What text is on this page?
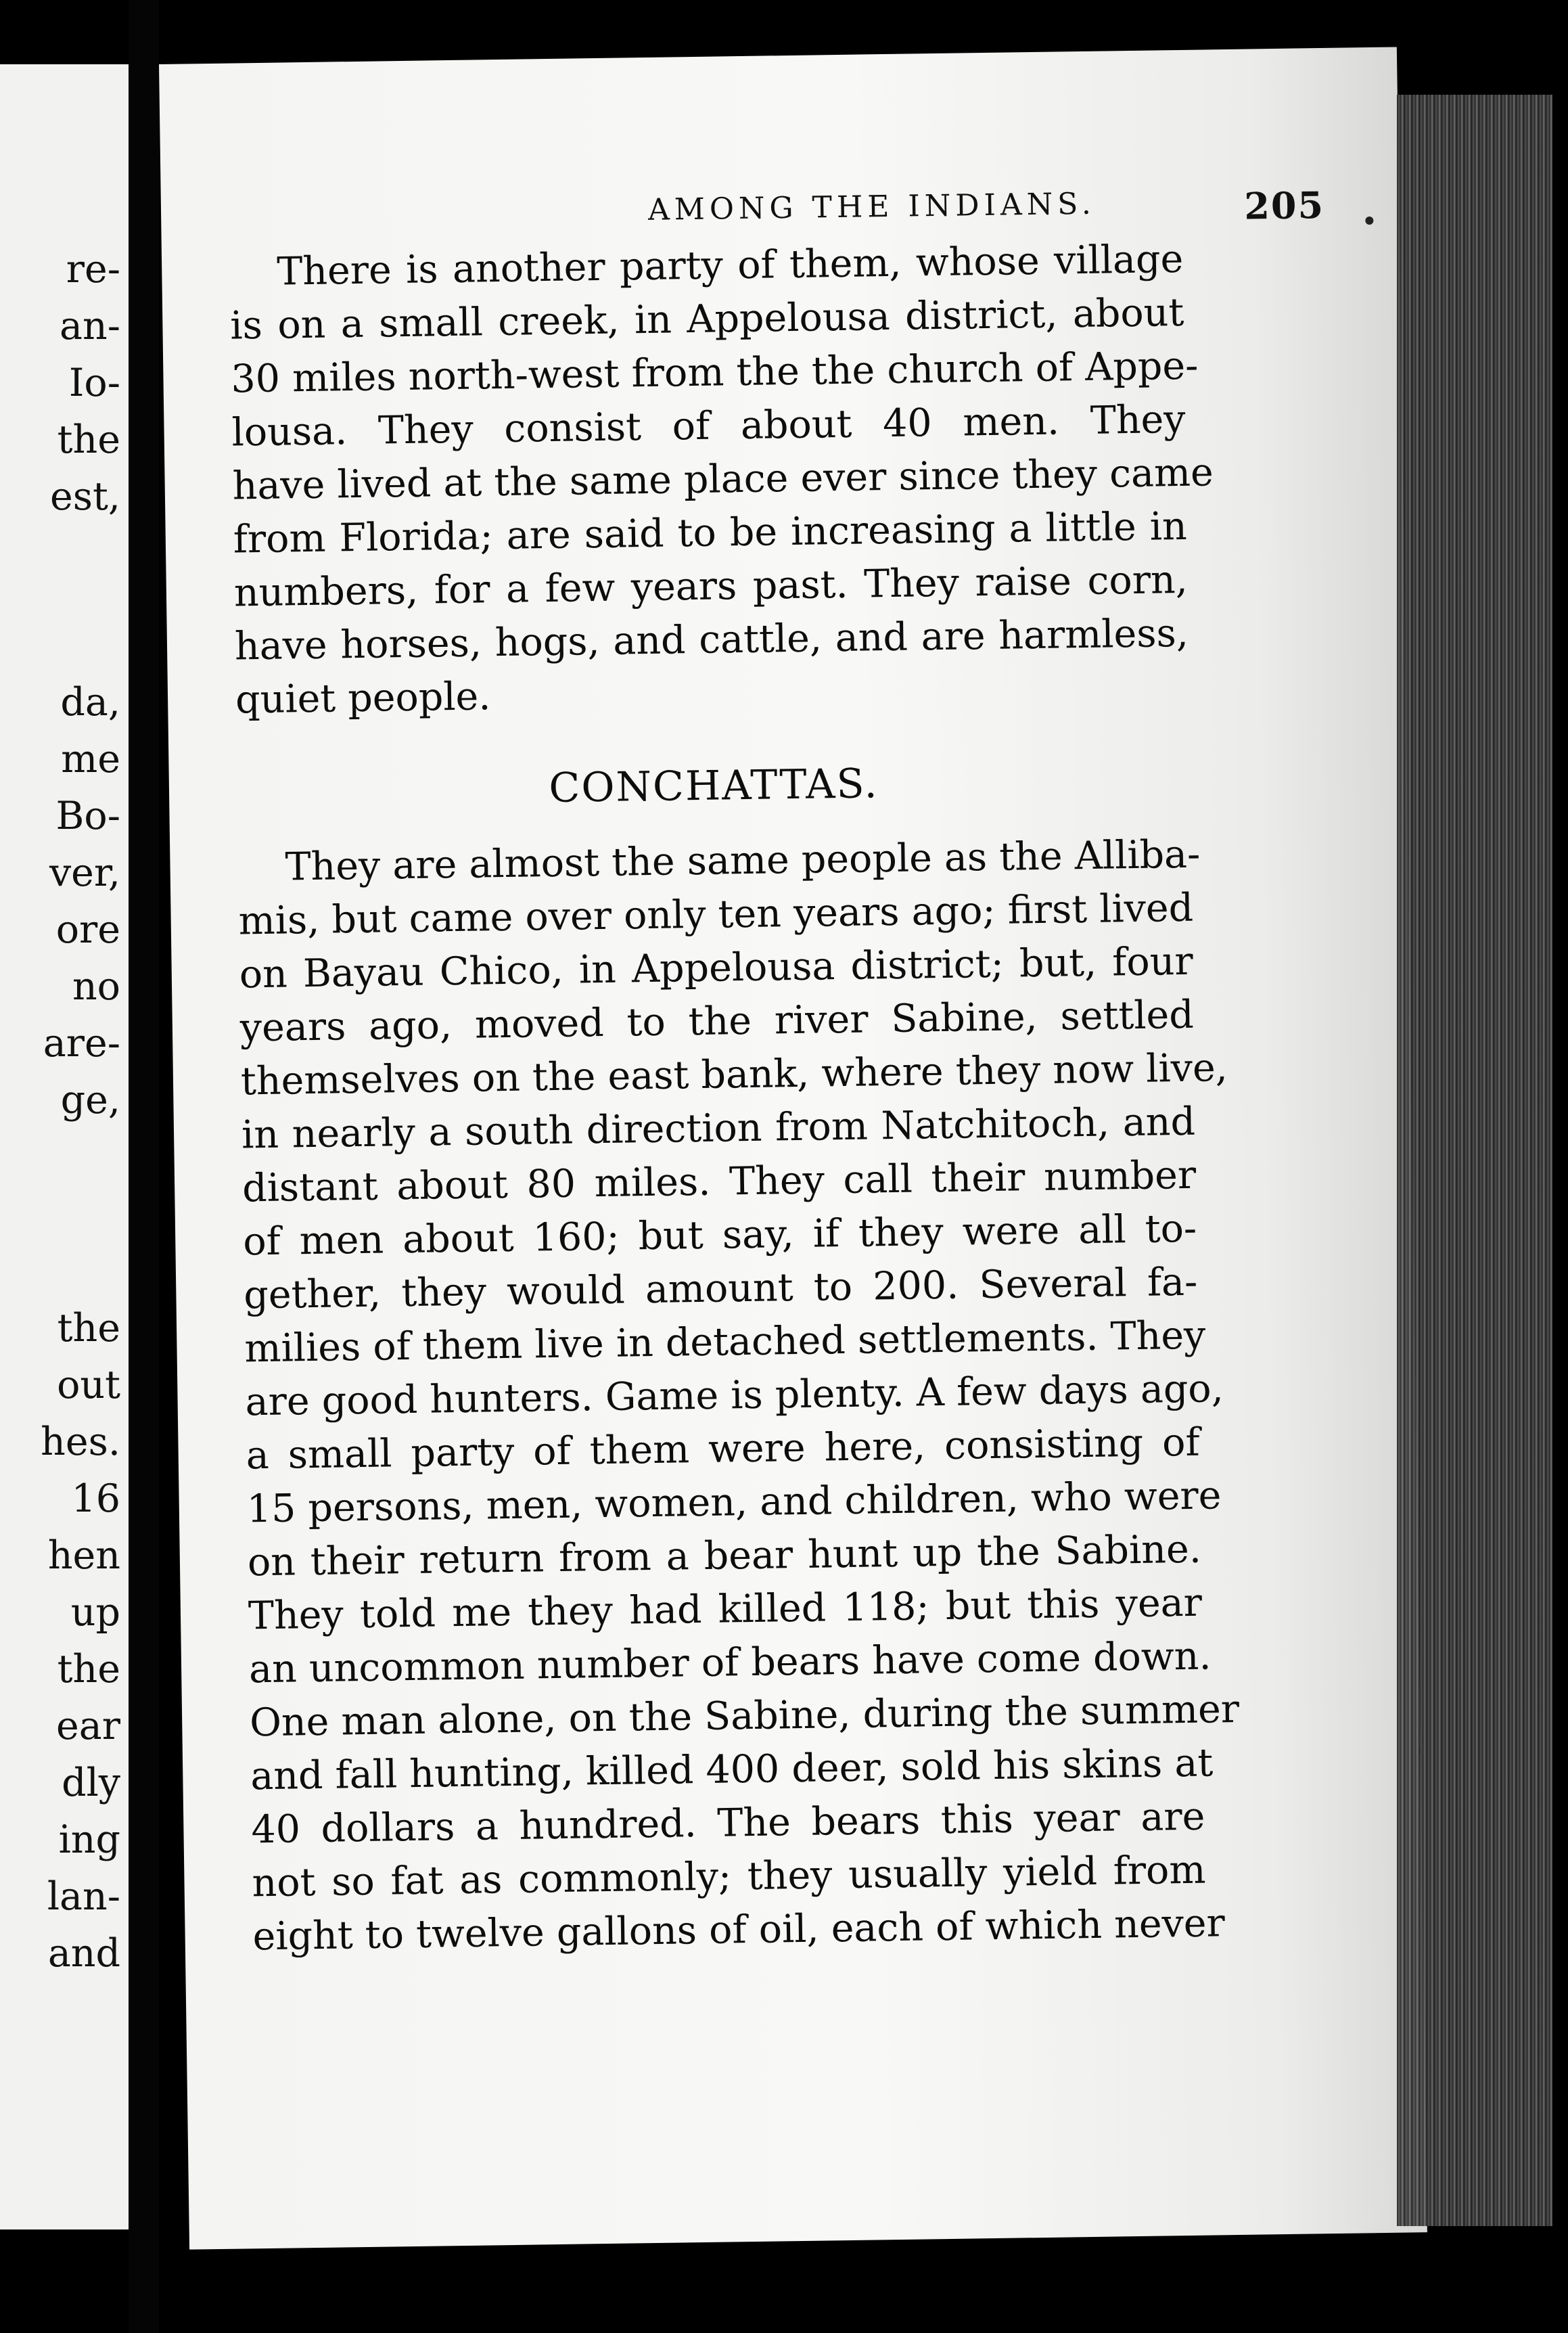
re-
an-
Io-
the
est,
da,
me
Bo-
ver,
ore
no
are-
ge,
the
out
hes.
16
hen
up
the
ear
dly
ing
lan-
and
AMONG THE INDIANS.	205
There is another party of them, whose village
is on a small creek, in Appelousa district, about
30 miles north-west from the the church of Appe-
lousa. They consist of about 40 men. They
have lived at the same place ever since they came
from Florida; are said to be increasing a little in
numbers, for a few years past. They raise corn,
have horses, hogs, and cattle, and are harmless,
quiet people.
CONCHATTAS.
They are almost the same people as the Alliba-
mis, but came over only ten years ago; first lived
on Bayau Chico, in Appelousa district; but, four
years ago, moved to the river Sabine, settled
themselves on the east bank, where they now live,
in nearly a south direction from Natchitoch, and
distant about 80 miles. They call their number
of men about 160; but say, if they were all to-
gether, they would amount to 200. Several fa-
milies of them live in detached settlements. They
are good hunters. Game is plenty. A few days ago,
a small party of them were here, consisting of
15 persons, men, women, and children, who were
on their return from a bear hunt up the Sabine.
They told me they had killed 118; but this year
an uncommon number of bears have come down.
One man alone, on the Sabine, during the summer
and fall hunting, killed 400 deer, sold his skins at
40 dollars a hundred. The bears this year are
not so fat as commonly; they usually yield from
eight to twelve gallons of oil, each of which never
